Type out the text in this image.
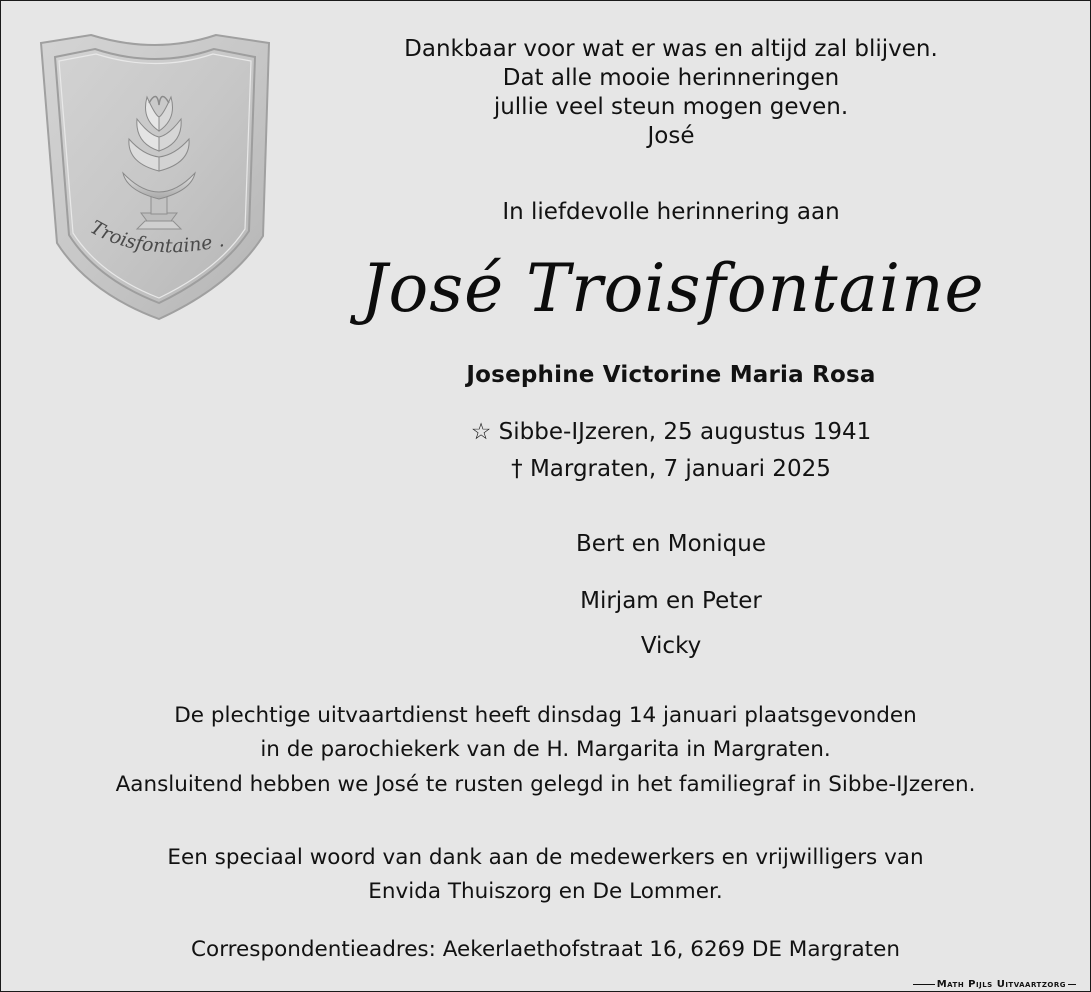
Troisfontaine .
Dankbaar voor wat er was en altijd zal blijven.
Dat alle mooie herinneringen
jullie veel steun mogen geven.
José
In liefdevolle herinnering aan
José Troisfontaine
Josephine Victorine Maria Rosa
☆ Sibbe-IJzeren, 25 augustus 1941
† Margraten, 7 januari 2025
Bert en Monique
Mirjam en Peter
Vicky
De plechtige uitvaartdienst heeft dinsdag 14 januari plaatsgevonden
in de parochiekerk van de H. Margarita in Margraten.
Aansluitend hebben we José te rusten gelegd in het familiegraf in Sibbe-IJzeren.
Een speciaal woord van dank aan de medewerkers en vrijwilligers van
Envida Thuiszorg en De Lommer.
Correspondentieadres: Aekerlaethofstraat 16, 6269 DE Margraten
Math Pijls Uitvaartzorg
